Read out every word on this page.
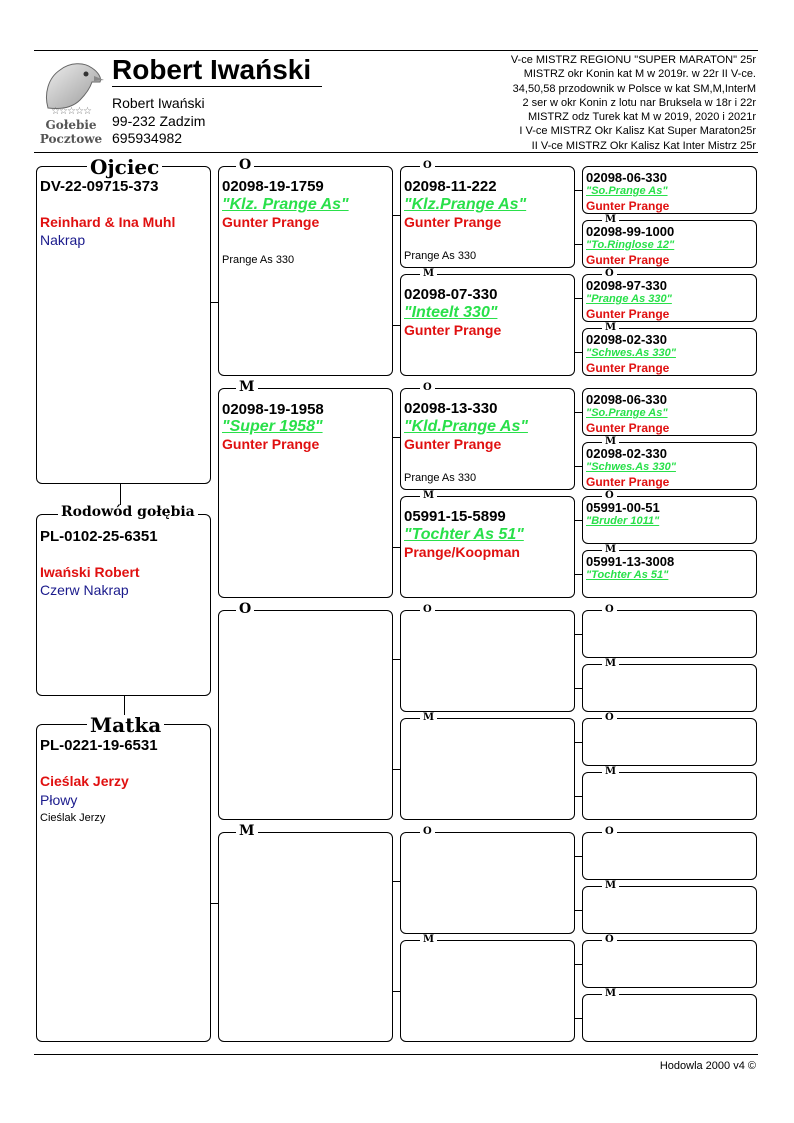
☆☆☆☆☆
Gołebie
Pocztowe
Robert Iwański
Robert Iwański
99-232 Zadzim
695934982
V-ce MISTRZ REGIONU "SUPER MARATON" 25r
MISTRZ okr Konin kat M w 2019r. w 22r II V-ce.
34,50,58 przodownik w Polsce w kat SM,M,InterM
2 ser w okr Konin z lotu nar Bruksela w 18r i 22r
MISTRZ odz Turek kat M w 2019, 2020 i 2021r
I V-ce MISTRZ Okr Kalisz Kat Super Maraton25r
II V-ce MISTRZ Okr Kalisz Kat Inter Mistrz 25r
Ojciec
DV-22-09715-373
Reinhard & Ina Muhl
Nakrap
Rodowód gołębia
PL-0102-25-6351
Iwański Robert
Czerw Nakrap
Matka
PL-0221-19-6531
Cieślak Jerzy
Płowy
Cieślak Jerzy
O
02098-19-1759
"Klz. Prange As"
Gunter Prange
Prange As 330
M
02098-19-1958
"Super 1958"
Gunter Prange
O
M
O
02098-11-222
"Klz.Prange As"
Gunter Prange
Prange As 330
M
02098-07-330
"Inteelt 330"
Gunter Prange
O
02098-13-330
"Kld.Prange As"
Gunter Prange
Prange As 330
M
05991-15-5899
"Tochter As 51"
Prange/Koopman
O
M
O
M
02098-06-330
"So.Prange As"
Gunter Prange
M
02098-99-1000
"To.Ringlose 12"
Gunter Prange
O
02098-97-330
"Prange As 330"
Gunter Prange
M
02098-02-330
"Schwes.As 330"
Gunter Prange
02098-06-330
"So.Prange As"
Gunter Prange
M
02098-02-330
"Schwes.As 330"
Gunter Prange
O
05991-00-51
"Bruder 1011"
M
05991-13-3008
"Tochter As 51"
O
M
O
M
O
M
O
M
Hodowla 2000 v4 ©
